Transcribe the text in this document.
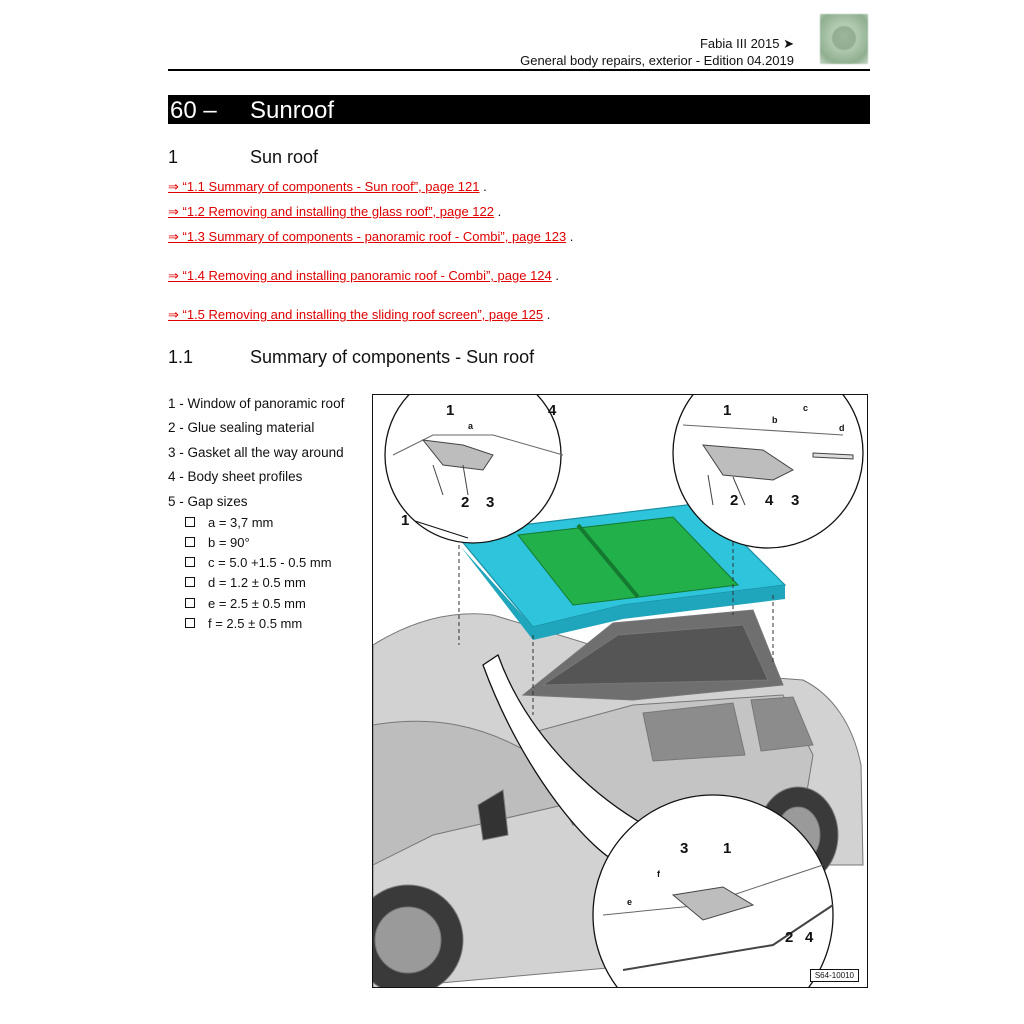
Fabia III 2015 ➤
General body repairs, exterior - Edition 04.2019
60 – Sunroof
1	Sun roof
⇒ “1.1 Summary of components - Sun roof”, page 121 .
⇒ “1.2 Removing and installing the glass roof”, page 122 .
⇒ “1.3 Summary of components - panoramic roof - Combi”, page 123 .
⇒ “1.4 Removing and installing panoramic roof - Combi”, page 124 .
⇒ “1.5 Removing and installing the sliding roof screen”, page 125 .
1.1	Summary of components - Sun roof
1 - Window of panoramic roof
2 - Glue sealing material
3 - Gasket all the way around
4 - Body sheet profiles
5 - Gap sizes
a = 3,7 mm
b = 90°
c = 5.0 +1.5 - 0.5 mm
d = 1.2 ± 0.5 mm
e = 2.5 ± 0.5 mm
f = 2.5 ± 0.5 mm
1
a
4
2 3
1
b
c
d
2 4 3
1
3 1
f
e
2 4
S64-10010
